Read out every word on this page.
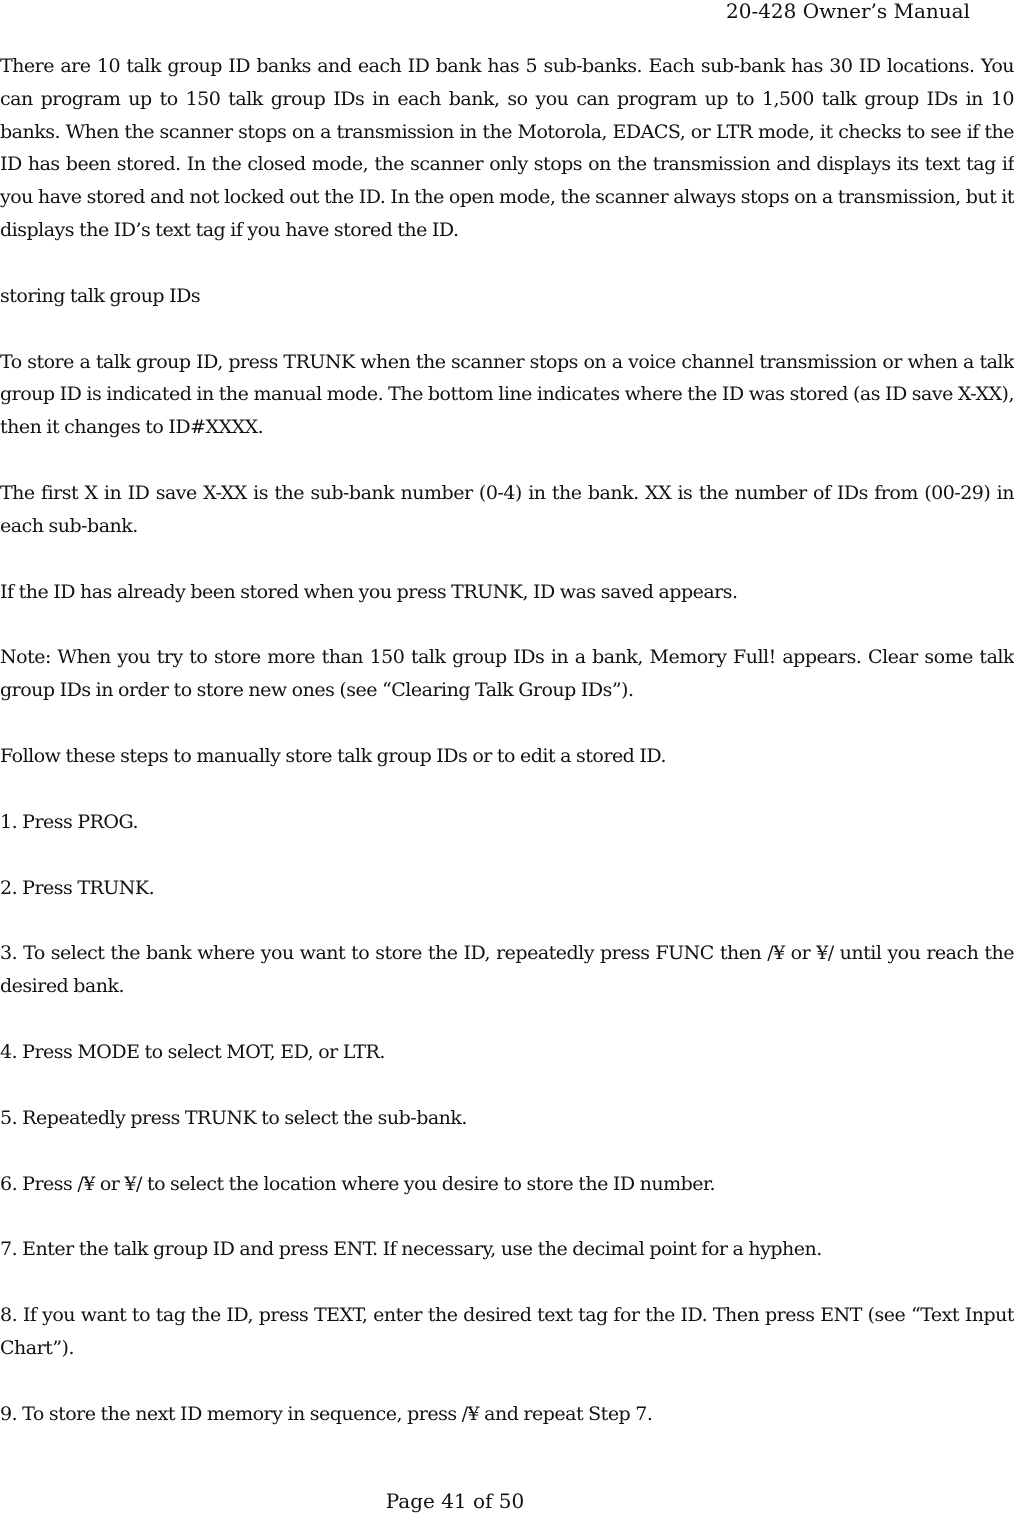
20-428 Owner’s Manual

There are 10 talk group ID banks and each ID bank has 5 sub-banks. Each sub-bank has 30 ID locations. You can program up to 150 talk group IDs in each bank, so you can program up to 1,500 talk group IDs in 10 banks. When the scanner stops on a transmission in the Motorola, EDACS, or LTR mode, it checks to see if the ID has been stored. In the closed mode, the scanner only stops on the transmission and displays its text tag if you have stored and not locked out the ID. In the open mode, the scanner always stops on a transmission, but it displays the ID’s text tag if you have stored the ID.

storing talk group IDs

To store a talk group ID, press TRUNK when the scanner stops on a voice channel transmission or when a talk group ID is indicated in the manual mode. The bottom line indicates where the ID was stored (as ID save X-XX), then it changes to ID#XXXX.

The first X in ID save X-XX is the sub-bank number (0-4) in the bank. XX is the number of IDs from (00-29) in each sub-bank.

If the ID has already been stored when you press TRUNK, ID was saved appears.

Note: When you try to store more than 150 talk group IDs in a bank, Memory Full! appears. Clear some talk group IDs in order to store new ones (see “Clearing Talk Group IDs”).

Follow these steps to manually store talk group IDs or to edit a stored ID.

1. Press PROG.

2. Press TRUNK.

3. To select the bank where you want to store the ID, repeatedly press FUNC then /¥ or ¥/ until you reach the desired bank.

4. Press MODE to select MOT, ED, or LTR.

5. Repeatedly press TRUNK to select the sub-bank.

6. Press /¥ or ¥/ to select the location where you desire to store the ID number.

7. Enter the talk group ID and press ENT. If necessary, use the decimal point for a hyphen.

8. If you want to tag the ID, press TEXT, enter the desired text tag for the ID. Then press ENT (see “Text Input Chart”).

9. To store the next ID memory in sequence, press /¥ and repeat Step 7.

Page 41 of 50
